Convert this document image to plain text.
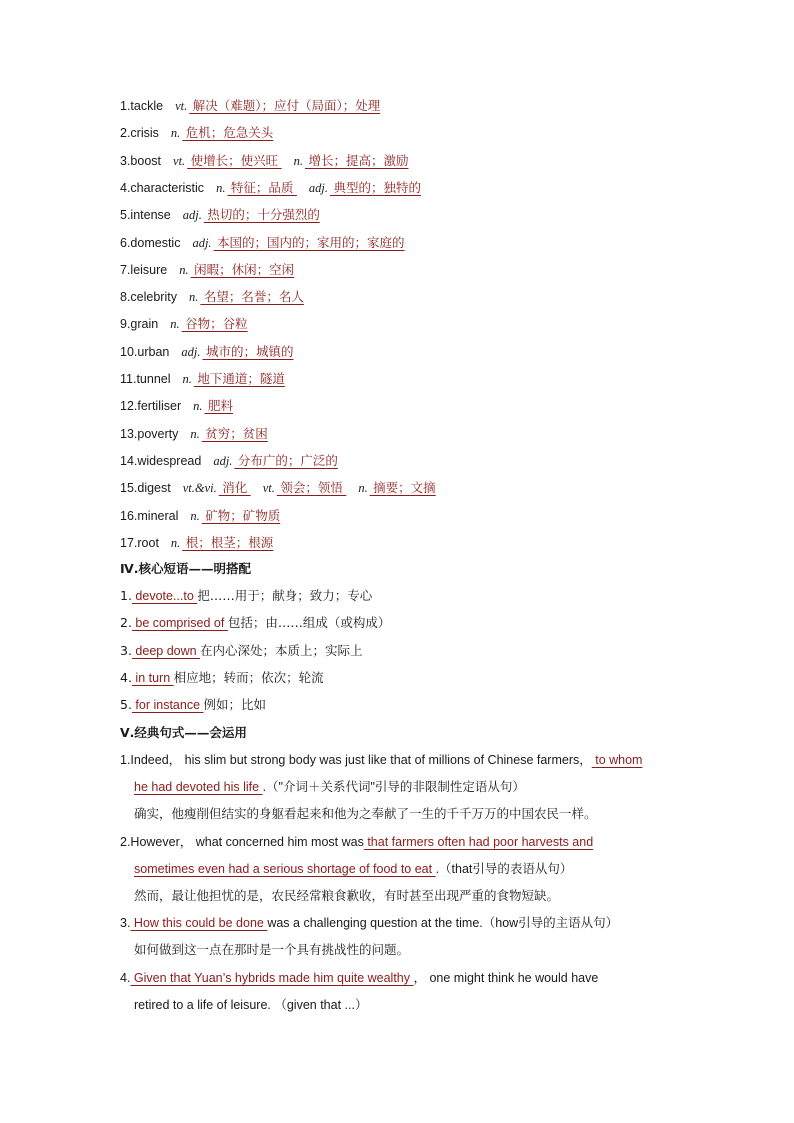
1.tackle vt. 解决（难题）；应付（局面）；处理
2.crisis n. 危机；危急关头
3.boost vt. 使增长；使兴旺 n. 增长；提高；激励
4.characteristic n. 特征；品质 adj. 典型的；独特的
5.intense adj. 热切的；十分强烈的
6.domestic adj. 本国的；国内的；家用的；家庭的
7.leisure n. 闲暇；休闲；空闲
8.celebrity n. 名望；名誉；名人
9.grain n. 谷物；谷粒
10.urban adj. 城市的；城镇的
11.tunnel n. 地下通道；隧道
12.fertiliser n. 肥料
13.poverty n. 贫穷；贫困
14.widespread adj. 分布广的；广泛的
15.digest vt.&vi. 消化 vt. 领会；领悟 n. 摘要；文摘
16.mineral n. 矿物；矿物质
17.root n. 根；根茎；根源
Ⅳ.核心短语——明搭配
1. devote...to 把……用于；献身；致力；专心
2. be comprised of 包括；由……组成（或构成）
3. deep down 在内心深处；本质上；实际上
4. in turn 相应地；转而；依次；轮流
5. for instance 例如；比如
Ⅴ.经典句式——会运用
1.Indeed， his slim but strong body was just like that of millions of Chinese farmers， to whom
he had devoted his life .（"介词＋关系代词"引导的非限制性定语从句）
确实，他瘦削但结实的身躯看起来和他为之奉献了一生的千千万万的中国农民一样。
2.However， what concerned him most was that farmers often had poor harvests and
sometimes even had a serious shortage of food to eat .（that引导的表语从句）
然而，最让他担忧的是，农民经常粮食歉收，有时甚至出现严重的食物短缺。
3. How this could be done was a challenging question at the time.（how引导的主语从句）
如何做到这一点在那时是一个具有挑战性的问题。
4. Given that Yuan’s hybrids made him quite wealthy ， one might think he would have
retired to a life of leisure. （given that ...）
